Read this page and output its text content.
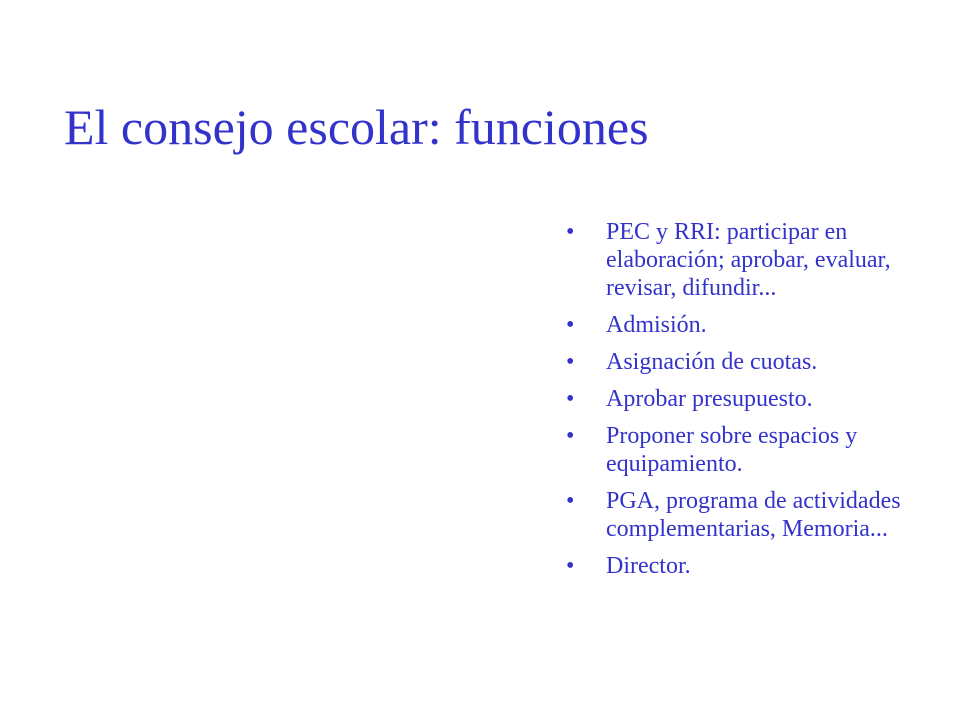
El consejo escolar: funciones
•	PEC y RRI: participar en elaboración; aprobar, evaluar, revisar, difundir...
•	Admisión.
•	Asignación de cuotas.
•	Aprobar presupuesto.
•	Proponer sobre espacios y equipamiento.
•	PGA, programa de actividades complementarias, Memoria...
•	Director.
